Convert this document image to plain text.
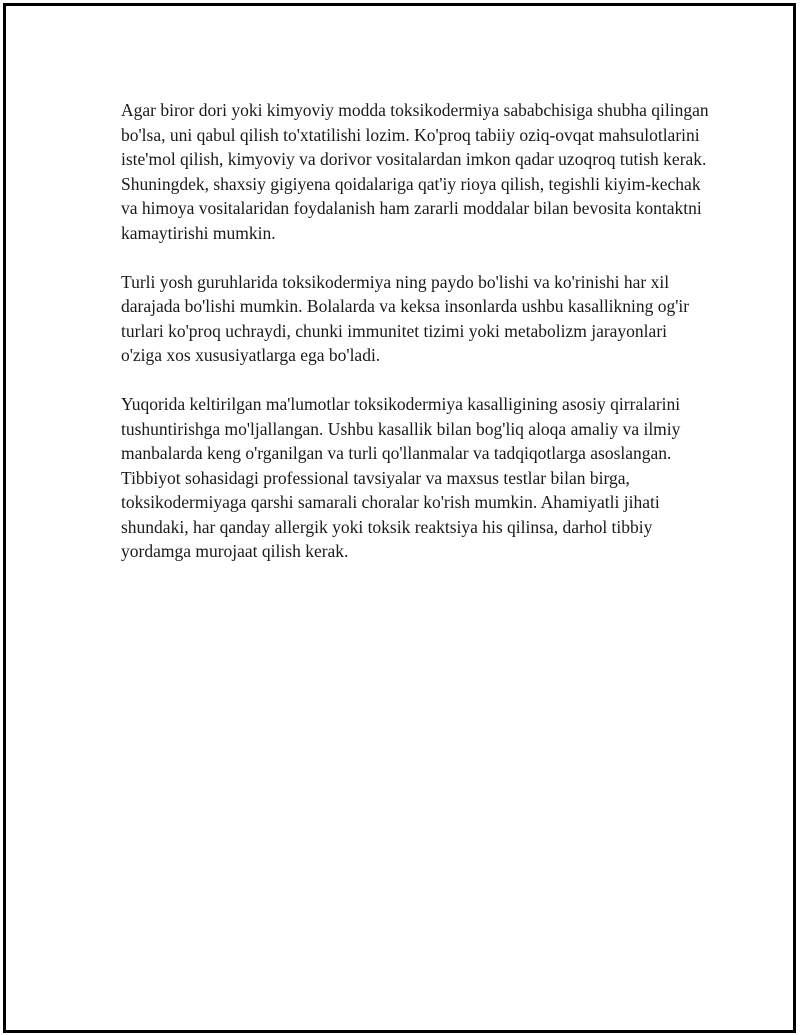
Agar biror dori yoki kimyoviy modda toksikodermiya sababchisiga shubha qilingan bo'lsa, uni qabul qilish to'xtatilishi lozim. Ko'proq tabiiy oziq-ovqat mahsulotlarini iste'mol qilish, kimyoviy va dorivor vositalardan imkon qadar uzoqroq tutish kerak. Shuningdek, shaxsiy gigiyena qoidalariga qat'iy rioya qilish, tegishli kiyim-kechak va himoya vositalaridan foydalanish ham zararli moddalar bilan bevosita kontaktni kamaytirishi mumkin.

Turli yosh guruhlarida toksikodermiya ning paydo bo'lishi va ko'rinishi har xil darajada bo'lishi mumkin. Bolalarda va keksa insonlarda ushbu kasallikning og'ir turlari ko'proq uchraydi, chunki immunitet tizimi yoki metabolizm jarayonlari o'ziga xos xususiyatlarga ega bo'ladi.

Yuqorida keltirilgan ma'lumotlar toksikodermiya kasalligining asosiy qirralarini tushuntirishga mo'ljallangan. Ushbu kasallik bilan bog'liq aloqa amaliy va ilmiy manbalarda keng o'rganilgan va turli qo'llanmalar va tadqiqotlarga asoslangan. Tibbiyot sohasidagi professional tavsiyalar va maxsus testlar bilan birga, toksikodermiyaga qarshi samarali choralar ko'rish mumkin. Ahamiyatli jihati shundaki, har qanday allergik yoki toksik reaktsiya his qilinsa, darhol tibbiy yordamga murojaat qilish kerak.
